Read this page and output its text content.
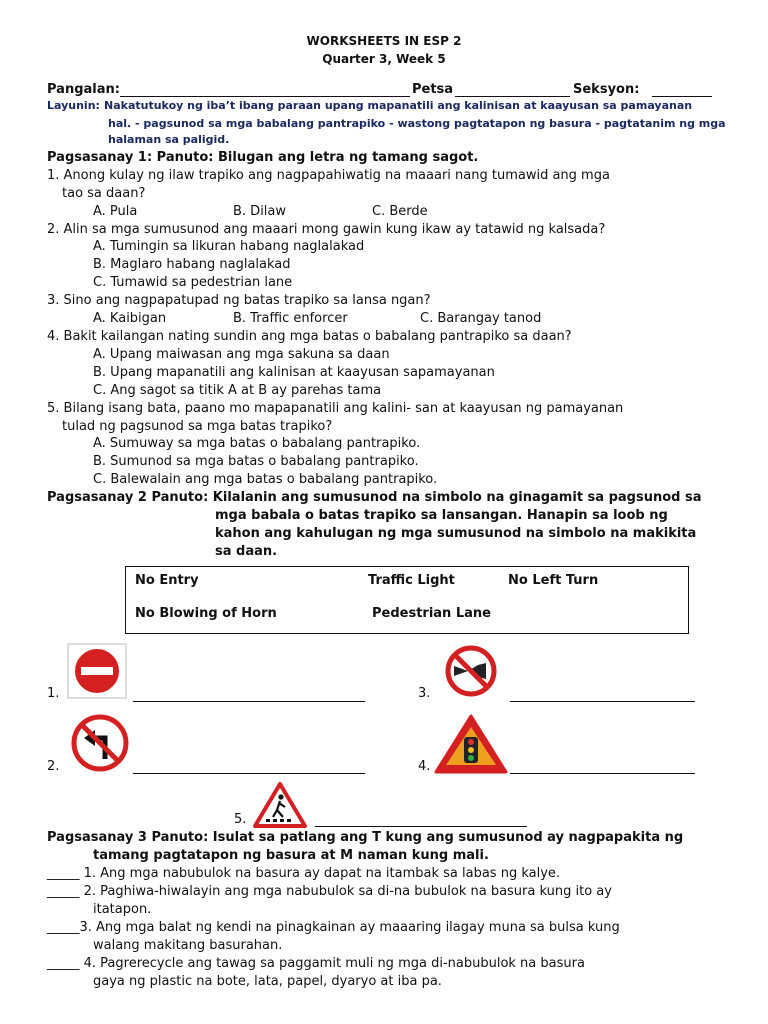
WORKSHEETS IN ESP 2
Quarter 3, Week 5
Pangalan:	Petsa	Seksyon:
Layunin: Nakatutukoy ng iba’t ibang paraan upang mapanatili ang kalinisan at kaayusan sa pamayanan
hal. - pagsunod sa mga babalang pantrapiko - wastong pagtatapon ng basura - pagtatanim ng mga
halaman sa paligid.
Pagsasanay 1: Panuto: Bilugan ang letra ng tamang sagot.
1. Anong kulay ng ilaw trapiko ang nagpapahiwatig na maaari nang tumawid ang mga
tao sa daan?
A. Pula	B. Dilaw	C. Berde
2. Alin sa mga sumusunod ang maaari mong gawin kung ikaw ay tatawid ng kalsada?
A. Tumingin sa likuran habang naglalakad
B. Maglaro habang naglalakad
C. Tumawid sa pedestrian lane
3. Sino ang nagpapatupad ng batas trapiko sa lansa ngan?
A. Kaibigan	B. Traffic enforcer	C. Barangay tanod
4. Bakit kailangan nating sundin ang mga batas o babalang pantrapiko sa daan?
A. Upang maiwasan ang mga sakuna sa daan
B. Upang mapanatili ang kalinisan at kaayusan sapamayanan
C. Ang sagot sa titik A at B ay parehas tama
5. Bilang isang bata, paano mo mapapanatili ang kalini- san at kaayusan ng pamayanan
tulad ng pagsunod sa mga batas trapiko?
A. Sumuway sa mga batas o babalang pantrapiko.
B. Sumunod sa mga batas o babalang pantrapiko.
C. Balewalain ang mga batas o babalang pantrapiko.
Pagsasanay 2 Panuto: Kilalanin ang sumusunod na simbolo na ginagamit sa pagsunod sa
mga babala o batas trapiko sa lansangan. Hanapin sa loob ng
kahon ang kahulugan ng mga sumusunod na simbolo na makikita
sa daan.
No Entry	Traffic Light	No Left Turn
No Blowing of Horn	Pedestrian Lane
1.	3.
2.	4.
5.
Pagsasanay 3 Panuto: Isulat sa patlang ang T kung ang sumusunod ay nagpapakita ng
tamang pagtatapon ng basura at M naman kung mali.
_____ 1. Ang mga nabubulok na basura ay dapat na itambak sa labas ng kalye.
_____ 2. Paghiwa-hiwalayin ang mga nabubulok sa di-na bubulok na basura kung ito ay
itatapon.
_____3. Ang mga balat ng kendi na pinagkainan ay maaaring ilagay muna sa bulsa kung
walang makitang basurahan.
_____ 4. Pagrerecycle ang tawag sa paggamit muli ng mga di-nabubulok na basura
gaya ng plastic na bote, lata, papel, dyaryo at iba pa.
